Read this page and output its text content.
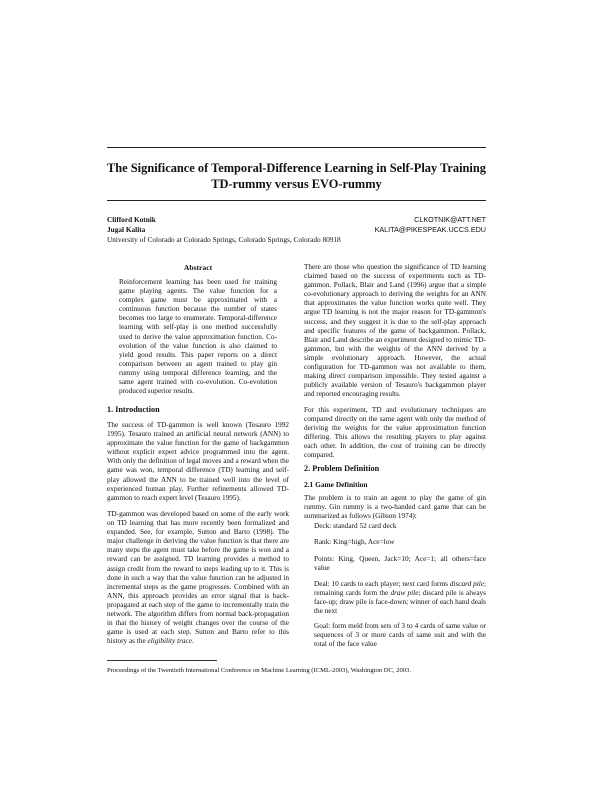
The Significance of Temporal-Difference Learning in Self-Play Training
TD-rummy versus EVO-rummy
Clifford Kotnik	CLKOTNIK@ATT.NET
Jugal Kalita	KALITA@PIKESPEAK.UCCS.EDU
University of Colorado at Colorado Springs, Colorado Springs, Colorado 80918
Abstract
Reinforcement learning has been used for training game playing agents. The value function for a complex game must be approximated with a continuous function because the number of states becomes too large to enumerate. Temporal-difference learning with self-play is one method successfully used to derive the value approximation function. Co-evolution of the value function is also claimed to yield good results. This paper reports on a direct comparison between an agent trained to play gin rummy using temporal difference learning, and the same agent trained with co-evolution. Co-evolution produced superior results.
1. Introduction
The success of TD-gammon is well known (Tesauro 1992 1995). Tesauro trained an artificial neural network (ANN) to approximate the value function for the game of backgammon without explicit expert advice programmed into the agent. With only the definition of legal moves and a reward when the game was won, temporal difference (TD) learning and self-play allowed the ANN to be trained well into the level of experienced human play. Further refinements allowed TD-gammon to reach expert level (Tesauro 1995).
TD-gammon was developed based on some of the early work on TD learning that has more recently been formalized and expanded. See, for example, Sutton and Barto (1998). The major challenge in deriving the value function is that there are many steps the agent must take before the game is won and a reward can be assigned. TD learning provides a method to assign credit from the reward to steps leading up to it. This is done in such a way that the value function can be adjusted in incremental steps as the game progresses. Combined with an ANN, this approach provides an error signal that is back-propagated at each step of the game to incrementally train the network. The algorithm differs from normal back-propagation in that the history of weight changes over the course of the game is used at each step. Sutton and Barto refer to this history as the eligibility trace.
There are those who question the significance of TD learning claimed based on the success of experiments such as TD-gammon. Pollack, Blair and Land (1996) argue that a simple co-evolutionary approach to deriving the weights for an ANN that approximates the value function works quite well. They argue TD learning is not the major reason for TD-gammon's success, and they suggest it is due to the self-play approach and specific features of the game of backgammon. Pollack, Blair and Land describe an experiment designed to mimic TD-gammon, but with the weights of the ANN derived by a simple evolutionary approach. However, the actual configuration for TD-gammon was not available to them, making direct comparison impossible. They tested against a publicly available version of Tesauro's backgammon player and reported encouraging results.
For this experiment, TD and evolutionary techniques are compared directly on the same agent with only the method of deriving the weights for the value approximation function differing. This allows the resulting players to play against each other. In addition, the cost of training can be directly compared.
2. Problem Definition
2.1 Game Definition
The problem is to train an agent to play the game of gin rummy. Gin rummy is a two-handed card game that can be summarized as follows (Gibson 1974):
Deck: standard 52 card deck
Rank: King=high, Ace=low
Points: King, Queen, Jack=10; Ace=1; all others=face value
Deal: 10 cards to each player; next card forms discard pile; remaining cards form the draw pile; discard pile is always face-up; draw pile is face-down; winner of each hand deals the next
Goal: form meld from sets of 3 to 4 cards of same value or sequences of 3 or more cards of same suit and with the total of the face value
Proceedings of the Twentieth International Conference on Machine Learning (ICML-2003), Washington DC, 2003.
